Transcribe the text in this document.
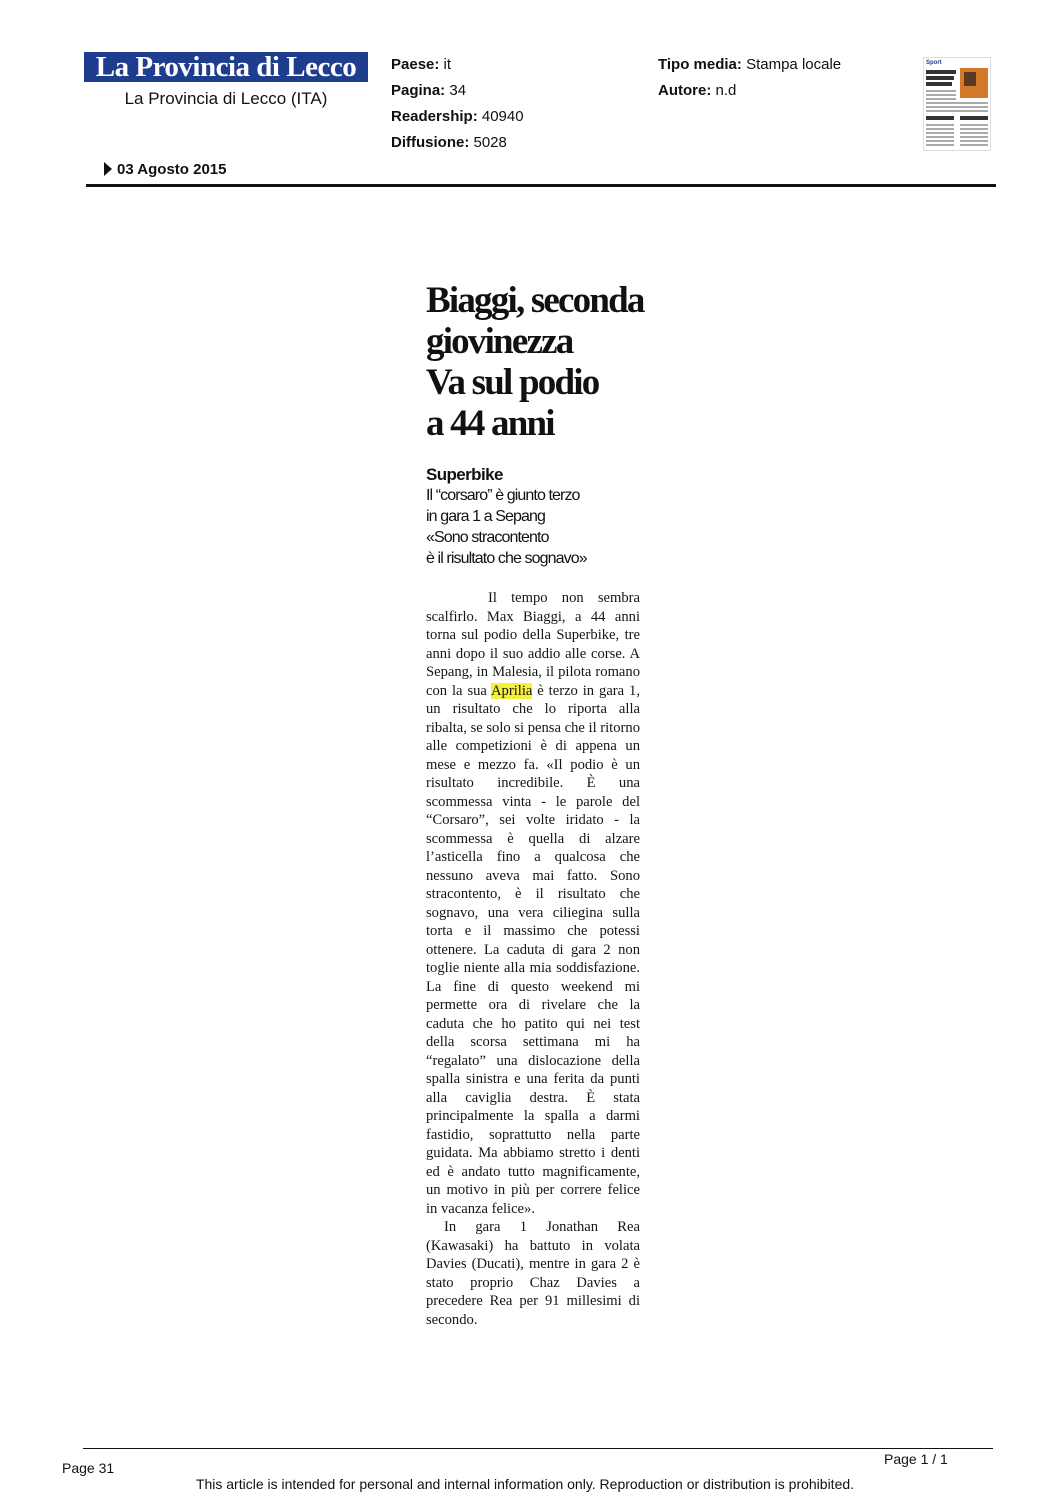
La Provincia di Lecco
La Provincia di Lecco (ITA)
Paese: it
Pagina: 34
Readership: 40940
Diffusione: 5028
Tipo media: Stampa locale
Autore: n.d
Sport
03 Agosto 2015
Biaggi, seconda
giovinezza
Va sul podio
a 44 anni
Superbike
Il “corsaro” è giunto terzo
in gara 1 a Sepang
«Sono stracontento
è il risultato che sognavo»

Il tempo non sembra scalfirlo. Max Biaggi, a 44 anni torna sul podio della Superbike, tre anni dopo il suo addio alle corse. A Sepang, in Malesia, il pilota romano con la sua Aprilia è terzo in gara 1, un risultato che lo riporta alla ribalta, se solo si pensa che il ritorno alle competizioni è di appena un mese e mezzo fa. «Il podio è un risultato incredibile. È una scommessa vinta - le parole del “Corsaro”, sei volte iridato - la scommessa è quella di alzare l’asticella fino a qualcosa che nessuno aveva mai fatto. Sono stracontento, è il risultato che sognavo, una vera ciliegina sulla torta e il massimo che potessi ottenere. La caduta di gara 2 non toglie niente alla mia soddisfazione. La fine di questo weekend mi permette ora di rivelare che la caduta che ho patito qui nei test della scorsa settimana mi ha “regalato” una dislocazione della spalla sinistra e una ferita da punti alla caviglia destra. È stata principalmente la spalla a darmi fastidio, soprattutto nella parte guidata. Ma abbiamo stretto i denti ed è andato tutto magnificamente, un motivo in più per correre felice in vacanza felice».

In gara 1 Jonathan Rea (Kawasaki) ha battuto in volata Davies (Ducati), mentre in gara 2 è stato proprio Chaz Davies a precedere Rea per 91 millesimi di secondo.

Page 1 / 1
Page 31
This article is intended for personal and internal information only. Reproduction or distribution is prohibited.
